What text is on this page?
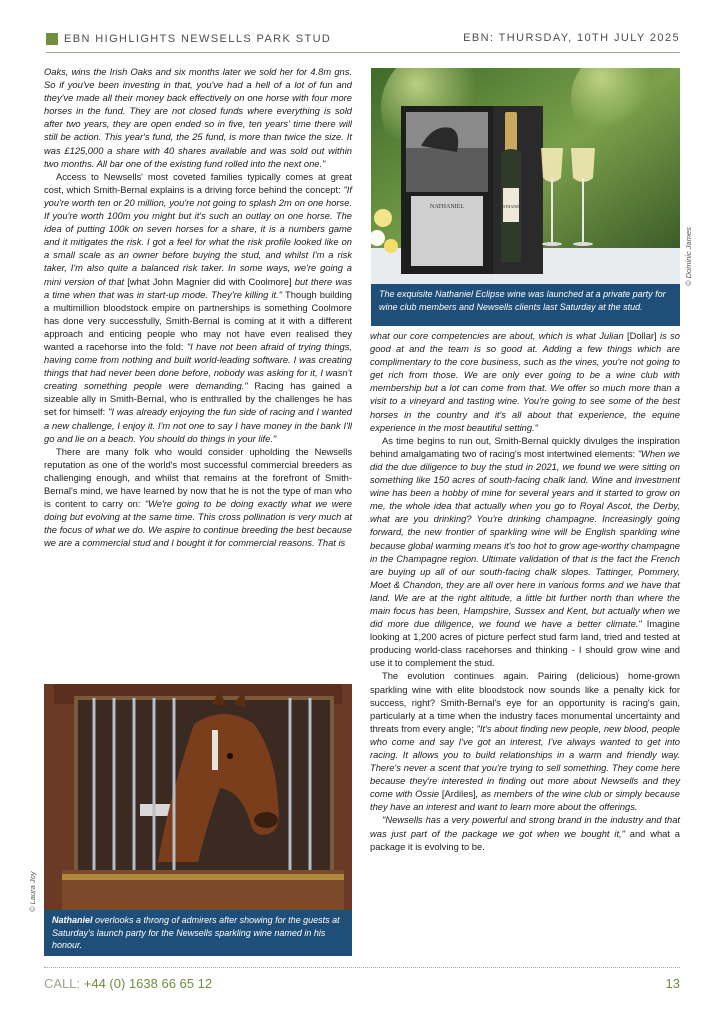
EBN HIGHLIGHTS NEWSELLS PARK STUD	EBN: THURSDAY, 10TH JULY 2025

Oaks, wins the Irish Oaks and six months later we sold her for 4.8m gns. So if you've been investing in that, you've had a hell of a lot of fun and they've made all their money back effectively on one horse with four more horses in the fund. They are not closed funds where everything is sold after two years, they are open ended so in five, ten years' time there will still be action. This year's fund, the 25 fund, is more than twice the size. It was £125,000 a share with 40 shares available and was sold out within two months. All bar one of the existing fund rolled into the next one."

Access to Newsells' most coveted families typically comes at great cost, which Smith-Bernal explains is a driving force behind the concept: "If you're worth ten or 20 million, you're not going to splash 2m on one horse. If you're worth 100m you might but it's such an outlay on one horse. The idea of putting 100k on seven horses for a share, it is a numbers game and it mitigates the risk. I got a feel for what the risk profile looked like on a small scale as an owner before buying the stud, and whilst I'm a risk taker, I'm also quite a balanced risk taker. In some ways, we're going a mini version of that [what John Magnier did with Coolmore] but there was a time when that was in start-up mode. They're killing it." Though building a multimillion bloodstock empire on partnerships is something Coolmore has done very successfully, Smith-Bernal is coming at it with a different approach and enticing people who may not have even realised they wanted a racehorse into the fold: "I have not been afraid of trying things, having come from nothing and built world-leading software. I was creating things that had never been done before, nobody was asking for it, I wasn't creating something people were demanding." Racing has gained a sizeable ally in Smith-Bernal, who is enthralled by the challenges he has set for himself: "I was already enjoying the fun side of racing and I wanted a new challenge, I enjoy it. I'm not one to say I have money in the bank I'll go and lie on a beach. You should do things in your life."

There are many folk who would consider upholding the Newsells reputation as one of the world's most successful commercial breeders as challenging enough, and whilst that remains at the forefront of Smith-Bernal's mind, we have learned by now that he is not the type of man who is content to carry on: "We're going to be doing exactly what we were doing but evolving at the same time. This cross pollination is very much at the focus of what we do. We aspire to continue breeding the best because we are a commercial stud and I bought it for commercial reasons. That is

NATHANIEL	NATHANIEL
The exquisite Nathaniel Eclipse wine was launched at a private party for wine club members and Newsells clients last Saturday at the stud.
© Dominic James
Nathaniel overlooks a throng of admirers after showing for the guests at Saturday's launch party for the Newsells sparkling wine named in his honour.
© Laura Joy

what our core competencies are about, which is what Julian [Dollar] is so good at and the team is so good at. Adding a few things which are complimentary to the core business, such as the vines, you're not going to get rich from those. We are only ever going to be a wine club with membership but a lot can come from that. We offer so much more than a visit to a vineyard and tasting wine. You're going to see some of the best horses in the country and it's all about that experience, the equine experience in the most beautiful setting."

As time begins to run out, Smith-Bernal quickly divulges the inspiration behind amalgamating two of racing's most intertwined elements: "When we did the due diligence to buy the stud in 2021, we found we were sitting on something like 150 acres of south-facing chalk land. Wine and investment wine has been a hobby of mine for several years and it started to grow on me, the whole idea that actually when you go to Royal Ascot, the Derby, what are you drinking? You're drinking champagne. Increasingly going forward, the new frontier of sparkling wine will be English sparkling wine because global warming means it's too hot to grow age-worthy champagne in the Champagne region. Ultimate validation of that is the fact the French are buying up all of our south-facing chalk slopes. Tattinger, Pommery, Moet & Chandon, they are all over here in various forms and we have that land. We are at the right altitude, a little bit further north than where the main focus has been, Hampshire, Sussex and Kent, but actually when we did more due diligence, we found we have a better climate." Imagine looking at 1,200 acres of picture perfect stud farm land, tried and tested at producing world-class racehorses and thinking - I should grow wine and use it to complement the stud.

The evolution continues again. Pairing (delicious) home-grown sparkling wine with elite bloodstock now sounds like a penalty kick for success, right? Smith-Bernal's eye for an opportunity is racing's gain, particularly at a time when the industry faces monumental uncertainty and threats from every angle; "It's about finding new people, new blood, people who come and say I've got an interest, I've always wanted to get into racing. It allows you to build relationships in a warm and friendly way. There's never a scent that you're trying to sell something. They come here because they're interested in finding out more about Newsells and they come with Ossie [Ardiles], as members of the wine club or simply because they have an interest and want to learn more about the offerings.

"Newsells has a very powerful and strong brand in the industry and that was just part of the package we got when we bought it," and what a package it is evolving to be.

CALL: +44 (0) 1638 66 65 12	13
